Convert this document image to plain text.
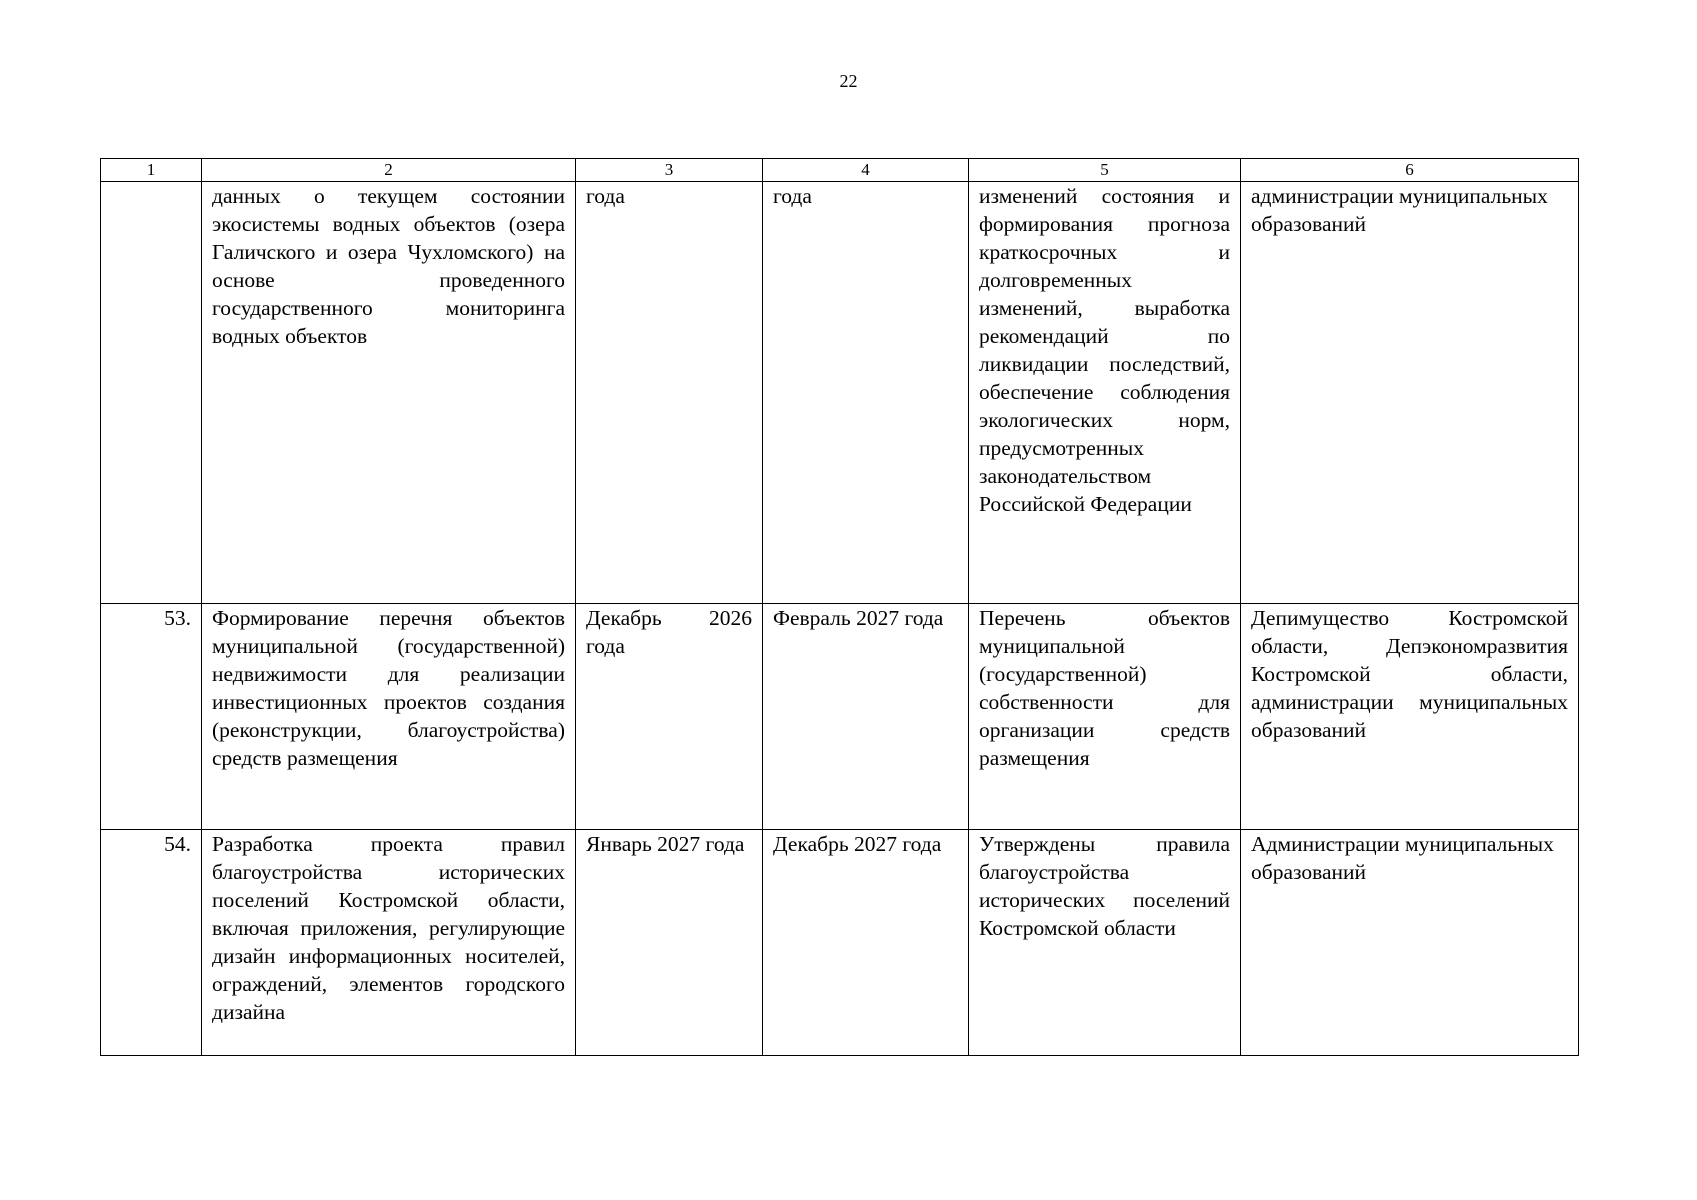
22
1	2	3	4	5	6
	данных о текущем состоянии экосистемы водных объектов (озера Галичского и озера Чухломского) на основе проведенного государственного мониторинга водных объектов	года	года	изменений состояния и формирования прогноза краткосрочных и долговременных изменений, выработка рекомендаций по ликвидации последствий, обеспечение соблюдения экологических норм, предусмотренных законодательством Российской Федерации	администрации муниципальных образований
53.	Формирование перечня объектов муниципальной (государственной) недвижимости для реализации инвестиционных проектов создания (реконструкции, благоустройства) средств размещения	Декабрь 2026 года	Февраль 2027 года	Перечень объектов муниципальной (государственной) собственности для организации средств размещения	Депимущество Костромской области, Депэкономразвития Костромской области, администрации муниципальных образований
54.	Разработка проекта правил благоустройства исторических поселений Костромской области, включая приложения, регулирующие дизайн информационных носителей, ограждений, элементов городского дизайна	Январь 2027 года	Декабрь 2027 года	Утверждены правила благоустройства исторических поселений Костромской области	Администрации муниципальных образований
